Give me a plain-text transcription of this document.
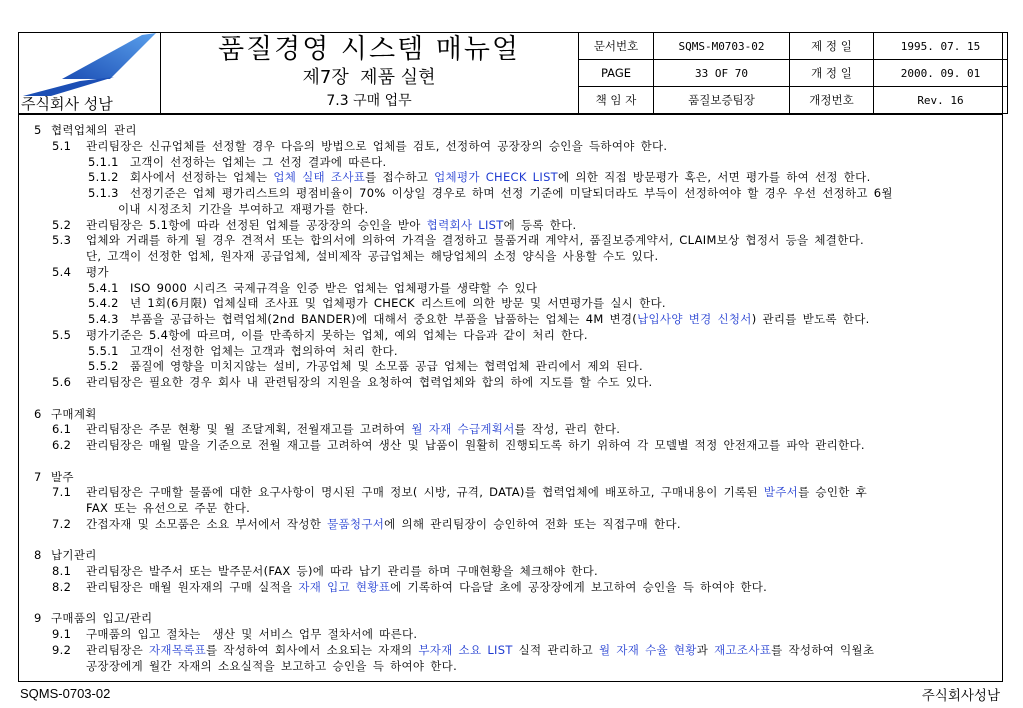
주식회사 성남
품질경영 시스템 매뉴얼
제7장  제품 실현
7.3 구매 업무
문서번호	SQMS-M0703-02	제 정 일	1995. 07. 15
PAGE	33 OF 70	개 정 일	2000. 09. 01
책 임 자	품질보증팀장	개정번호	Rev. 16
5 협력업체의 관리
5.1 관리팀장은 신규업체를 선정할 경우 다음의 방법으로 업체를 검토, 선정하여 공장장의 승인을 득하여야 한다.
5.1.1 고객이 선정하는 업체는 그 선정 결과에 따른다.
5.1.2 회사에서 선정하는 업체는 업체 실태 조사표를 접수하고 업체평가 CHECK LIST에 의한 직접 방문평가 혹은, 서면 평가를 하여 선정 한다.
5.1.3 선정기준은 업체 평가리스트의 평점비율이 70% 이상일 경우로 하며 선정 기준에 미달되더라도 부득이 선정하여야 할 경우 우선 선정하고 6월
이내 시정조치 기간을 부여하고 재평가를 한다.
5.2 관리팀장은 5.1항에 따라 선정된 업체를 공장장의 승인을 받아 협력회사 LIST에 등록 한다.
5.3 업체와 거래를 하게 될 경우 견적서 또는 합의서에 의하여 가격을 결정하고 물품거래 계약서, 품질보증계약서, CLAIM보상 협정서 등을 체결한다.
단, 고객이 선정한 업체, 원자재 공급업체, 설비제작 공급업체는 해당업체의 소정 양식을 사용할 수도 있다.
5.4 평가
5.4.1 ISO 9000 시리즈 국제규격을 인증 받은 업체는 업체평가를 생략할 수 있다
5.4.2 년 1회(6月限) 업체실태 조사표 및 업체평가 CHECK 리스트에 의한 방문 및 서면평가를 실시 한다.
5.4.3 부품을 공급하는 협력업체(2nd BANDER)에 대해서 중요한 부품을 납품하는 업체는 4M 변경(납입사양 변경 신청서) 관리를 받도록 한다.
5.5 평가기준은 5.4항에 따르며, 이를 만족하지 못하는 업체, 예외 업체는 다음과 같이 처리 한다.
5.5.1 고객이 선정한 업체는 고객과 협의하여 처리 한다.
5.5.2 품질에 영향을 미치지않는 설비, 가공업체 및 소모품 공급 업체는 협력업체 관리에서 제외 된다.
5.6 관리팀장은 필요한 경우 회사 내 관련팀장의 지원을 요청하여 협력업체와 합의 하에 지도를 할 수도 있다.
6 구매계획
6.1 관리팀장은 주문 현황 및 월 조달계획, 전월재고를 고려하여 월 자재 수급계획서를 작성, 관리 한다.
6.2 관리팀장은 매월 말을 기준으로 전월 재고를 고려하여 생산 및 납품이 원활히 진행되도록 하기 위하여 각 모델별 적정 안전재고를 파악 관리한다.
7 발주
7.1 관리팀장은 구매할 물품에 대한 요구사항이 명시된 구매 정보( 시방, 규격, DATA)를 협력업체에 배포하고, 구매내용이 기록된 발주서를 승인한 후
FAX 또는 유선으로 주문 한다.
7.2 간접자재 및 소모품은 소요 부서에서 작성한 물품청구서에 의해 관리팀장이 승인하여 전화 또는 직접구매 한다.
8 납기관리
8.1 관리팀장은 발주서 또는 발주문서(FAX 등)에 따라 납기 관리를 하며 구매현황을 체크해야 한다.
8.2 관리팀장은 매월 원자재의 구매 실적을 자재 입고 현황표에 기록하여 다음달 초에 공장장에게 보고하여 승인을 득 하여야 한다.
9 구매품의 입고/관리
9.1 구매품의 입고 절차는  생산 및 서비스 업무 절차서에 따른다.
9.2 관리팀장은 자재목록표를 작성하여 회사에서 소요되는 자재의 부자재 소요 LIST 실적 관리하고 월 자재 수율 현황과 재고조사표를 작성하여 익월초
공장장에게 월간 자재의 소요실적을 보고하고 승인을 득 하여야 한다.
SQMS-0703-02	주식회사성남
